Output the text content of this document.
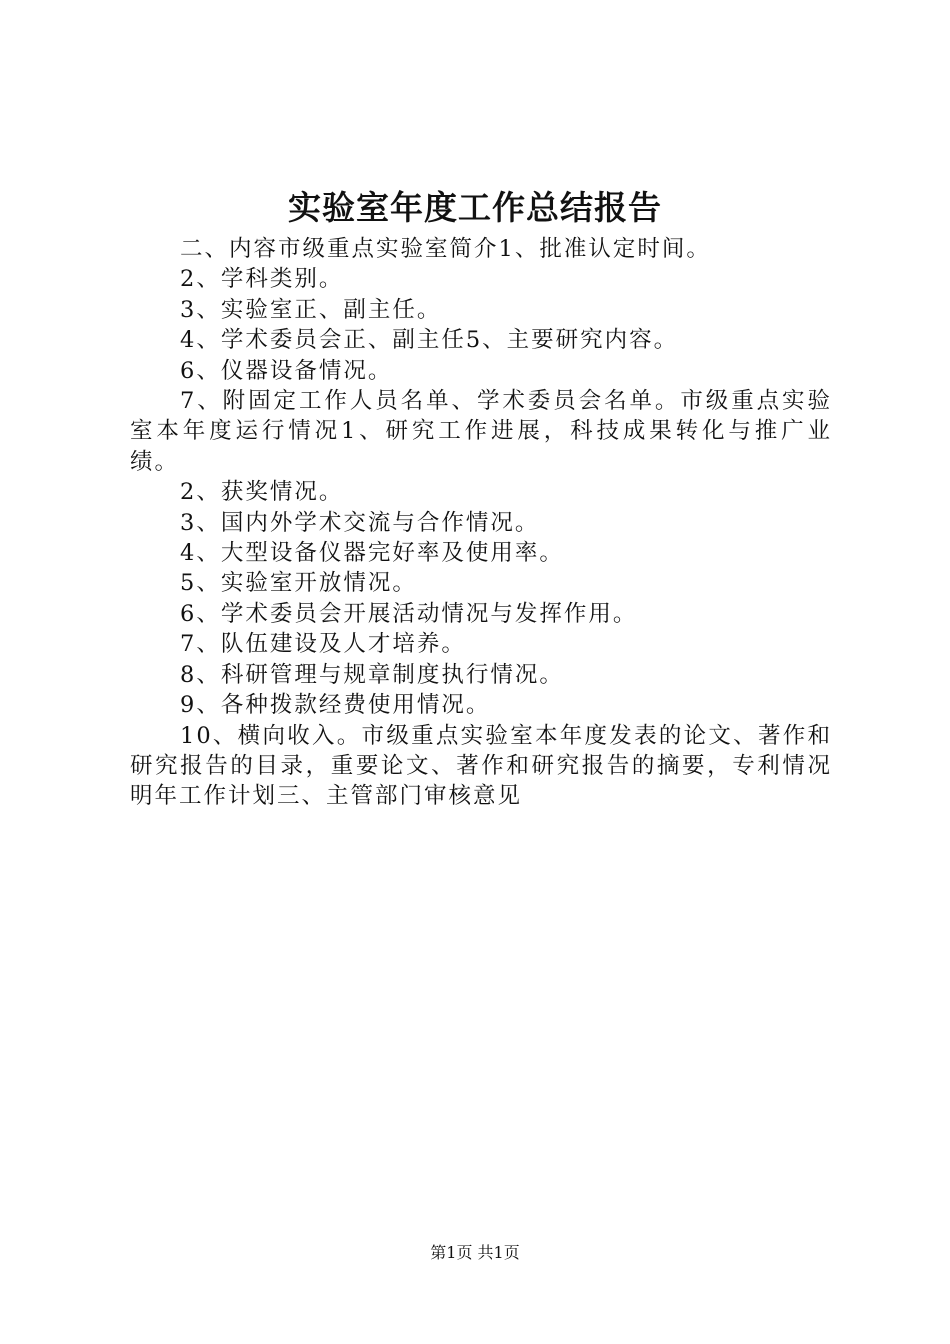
实验室年度工作总结报告

二、内容市级重点实验室简介1、批准认定时间。

2、学科类别。

3、实验室正、副主任。

4、学术委员会正、副主任5、主要研究内容。

6、仪器设备情况。

7、附固定工作人员名单、学术委员会名单。市级重点实验室本年度运行情况1、研究工作进展，科技成果转化与推广业绩。

2、获奖情况。

3、国内外学术交流与合作情况。

4、大型设备仪器完好率及使用率。

5、实验室开放情况。

6、学术委员会开展活动情况与发挥作用。

7、队伍建设及人才培养。

8、科研管理与规章制度执行情况。

9、各种拨款经费使用情况。

10、横向收入。市级重点实验室本年度发表的论文、著作和研究报告的目录，重要论文、著作和研究报告的摘要，专利情况明年工作计划三、主管部门审核意见

第1页 共1页
